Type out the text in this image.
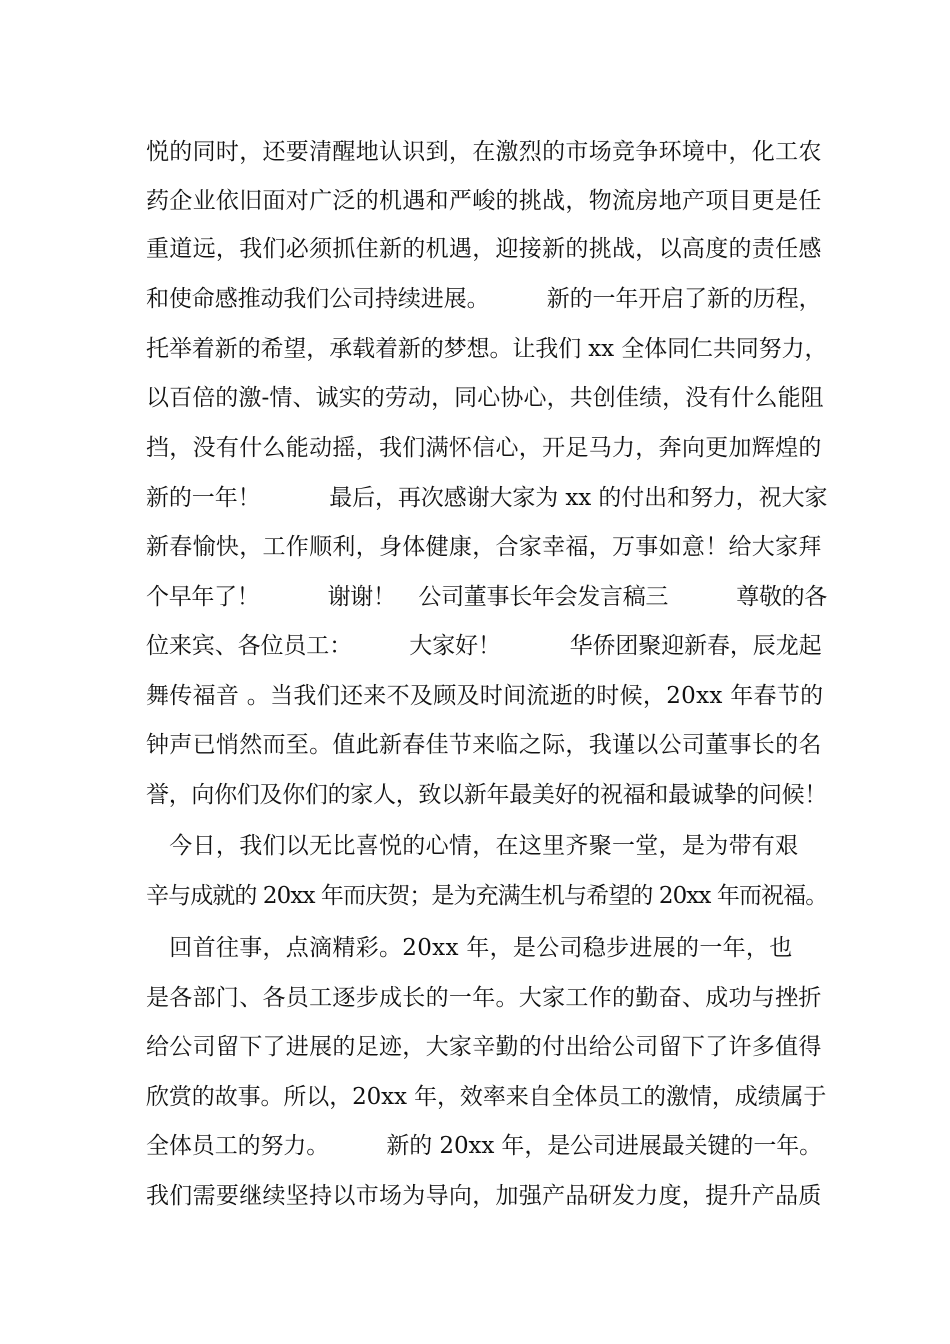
悦的同时，还要清醒地认识到，在激烈的市场竞争环境中，化工农
药企业依旧面对广泛的机遇和严峻的挑战，物流房地产项目更是任
重道远，我们必须抓住新的机遇，迎接新的挑战，以高度的责任感
和使命感推动我们公司持续进展。　　　新的一年开启了新的历程，
托举着新的希望，承载着新的梦想。让我们 xx 全体同仁共同努力，
以百倍的激-情、诚实的劳动，同心协心，共创佳绩，没有什么能阻
挡，没有什么能动摇，我们满怀信心，开足马力，奔向更加辉煌的
新的一年！　　　最后，再次感谢大家为 xx 的付出和努力，祝大家
新春愉快，工作顺利，身体健康，合家幸福，万事如意！给大家拜
个早年了！　　　谢谢！　公司董事长年会发言稿三　　　尊敬的各
位来宾、各位员工：　　　大家好！　　　华侨团聚迎新春，辰龙起
舞传福音 。当我们还来不及顾及时间流逝的时候，20xx 年春节的
钟声已悄然而至。值此新春佳节来临之际，我谨以公司董事长的名
誉，向你们及你们的家人，致以新年最美好的祝福和最诚挚的问候！
　今日，我们以无比喜悦的心情，在这里齐聚一堂，是为带有艰
辛与成就的 20xx 年而庆贺；是为充满生机与希望的 20xx 年而祝福。
　回首往事，点滴精彩。20xx 年，是公司稳步进展的一年，也
是各部门、各员工逐步成长的一年。大家工作的勤奋、成功与挫折
给公司留下了进展的足迹，大家辛勤的付出给公司留下了许多值得
欣赏的故事。所以，20xx 年，效率来自全体员工的激情，成绩属于
全体员工的努力。　　　新的 20xx 年，是公司进展最关键的一年。
我们需要继续坚持以市场为导向，加强产品研发力度，提升产品质
